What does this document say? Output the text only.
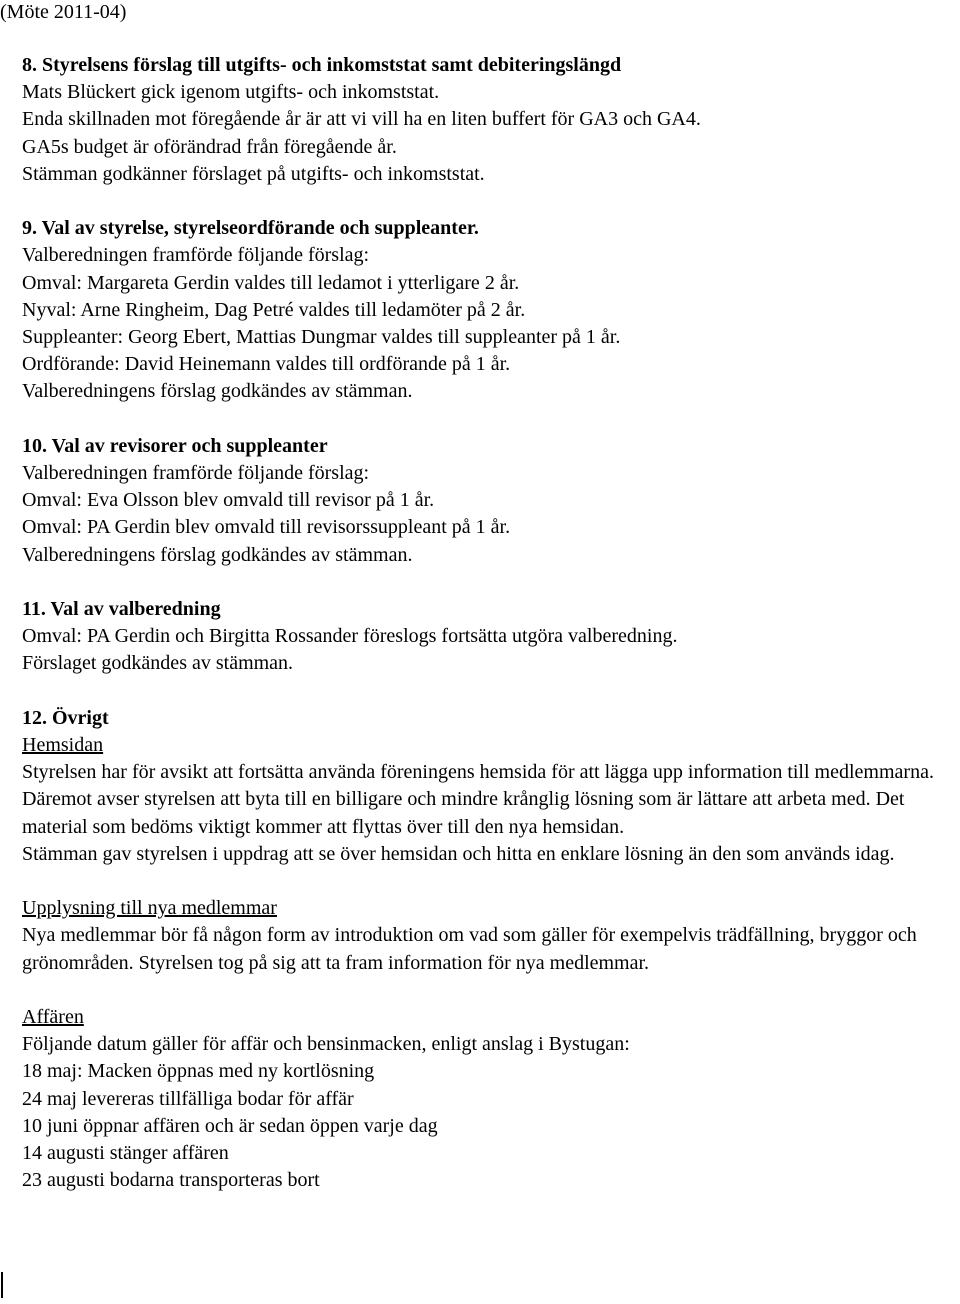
(Möte 2011-04)
8. Styrelsens förslag till utgifts- och inkomststat samt debiteringslängd
Mats Blückert gick igenom utgifts- och inkomststat.
Enda skillnaden mot föregående år är att vi vill ha en liten buffert för GA3 och GA4.
GA5s budget är oförändrad från föregående år.
Stämman godkänner förslaget på utgifts- och inkomststat.
9. Val av styrelse, styrelseordförande och suppleanter.
Valberedningen framförde följande förslag:
Omval: Margareta Gerdin valdes till ledamot i ytterligare 2 år.
Nyval: Arne Ringheim, Dag Petré valdes till ledamöter på 2 år.
Suppleanter: Georg Ebert, Mattias Dungmar valdes till suppleanter på 1 år.
Ordförande: David Heinemann valdes till ordförande på 1 år.
Valberedningens förslag godkändes av stämman.
10. Val av revisorer och suppleanter
Valberedningen framförde följande förslag:
Omval: Eva Olsson blev omvald till revisor på 1 år.
Omval: PA Gerdin blev omvald till revisorssuppleant på 1 år.
Valberedningens förslag godkändes av stämman.
11. Val av valberedning
Omval: PA Gerdin och Birgitta Rossander föreslogs fortsätta utgöra valberedning.
Förslaget godkändes av stämman.
12. Övrigt
Hemsidan
Styrelsen har för avsikt att fortsätta använda föreningens hemsida för att lägga upp information till medlemmarna. Däremot avser styrelsen att byta till en billigare och mindre krånglig lösning som är lättare att arbeta med. Det material som bedöms viktigt kommer att flyttas över till den nya hemsidan.
Stämman gav styrelsen i uppdrag att se över hemsidan och hitta en enklare lösning än den som används idag.
Upplysning till nya medlemmar
Nya medlemmar bör få någon form av introduktion om vad som gäller för exempelvis trädfällning, bryggor och grönområden. Styrelsen tog på sig att ta fram information för nya medlemmar.
Affären
Följande datum gäller för affär och bensinmacken, enligt anslag i Bystugan:
18 maj: Macken öppnas med ny kortlösning
24 maj levereras tillfälliga bodar för affär
10 juni öppnar affären och är sedan öppen varje dag
14 augusti stänger affären
23 augusti bodarna transporteras bort
